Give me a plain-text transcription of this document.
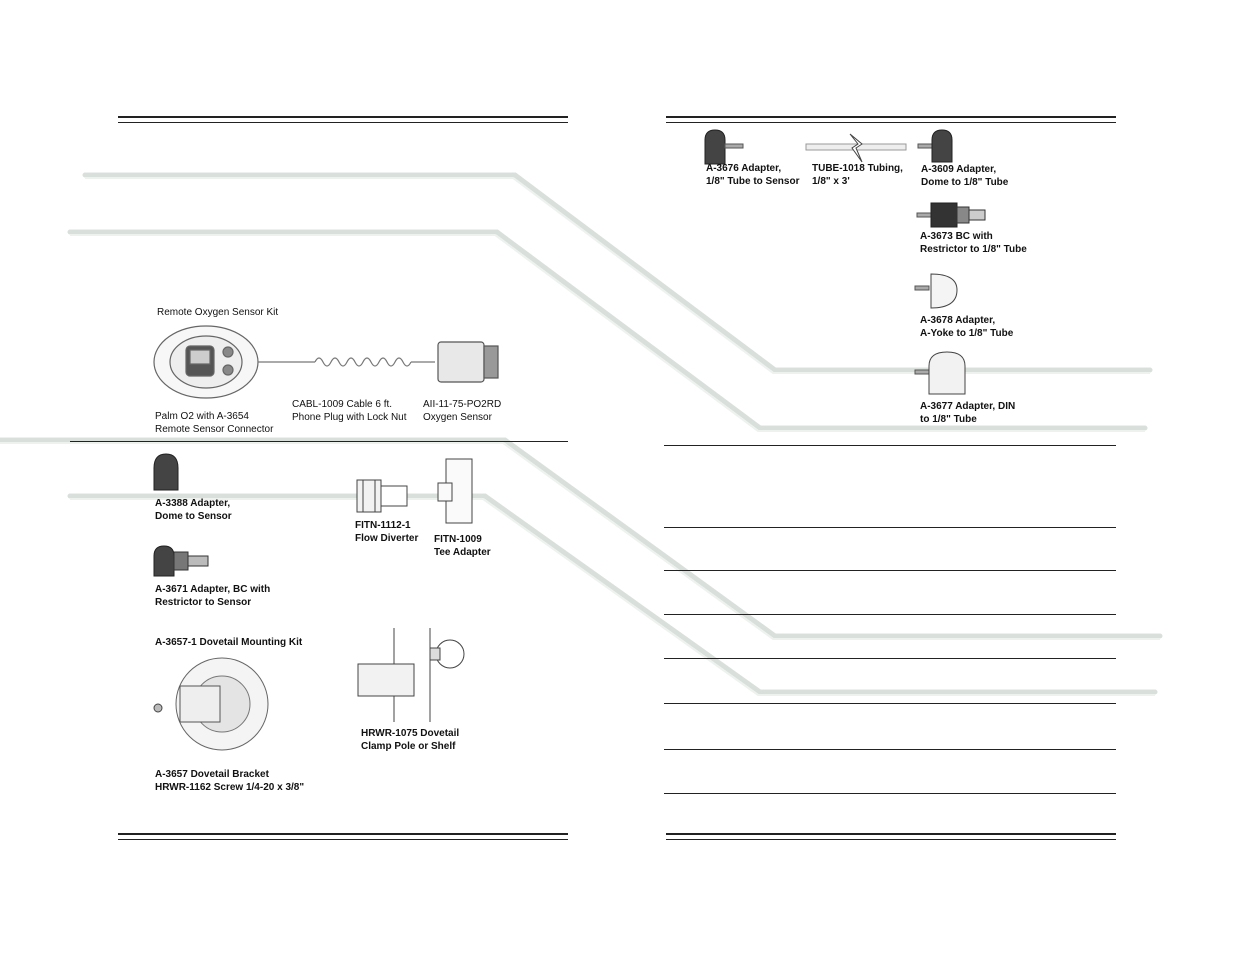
Remote Oxygen Sensor Kit
Palm O2 with A-3654
Remote Sensor Connector
CABL-1009 Cable 6 ft.
Phone Plug with Lock Nut
AII-11-75-PO2RD
Oxygen Sensor
A-3388 Adapter,
Dome to Sensor
FITN-1112-1
Flow Diverter FITN-1009
Tee Adapter
A-3671 Adapter, BC with
Restrictor to Sensor
A-3657-1 Dovetail Mounting Kit
A-3657 Dovetail Bracket
HRWR-1162 Screw 1/4-20 x 3/8"
HRWR-1075 Dovetail
Clamp Pole or Shelf
A-3676 Adapter,
1/8" Tube to Sensor
TUBE-1018 Tubing,
1/8" x 3'
A-3609 Adapter,
Dome to 1/8" Tube
A-3673 BC with
Restrictor to 1/8" Tube
A-3678 Adapter,
A-Yoke to 1/8" Tube
A-3677 Adapter, DIN
to 1/8" Tube
